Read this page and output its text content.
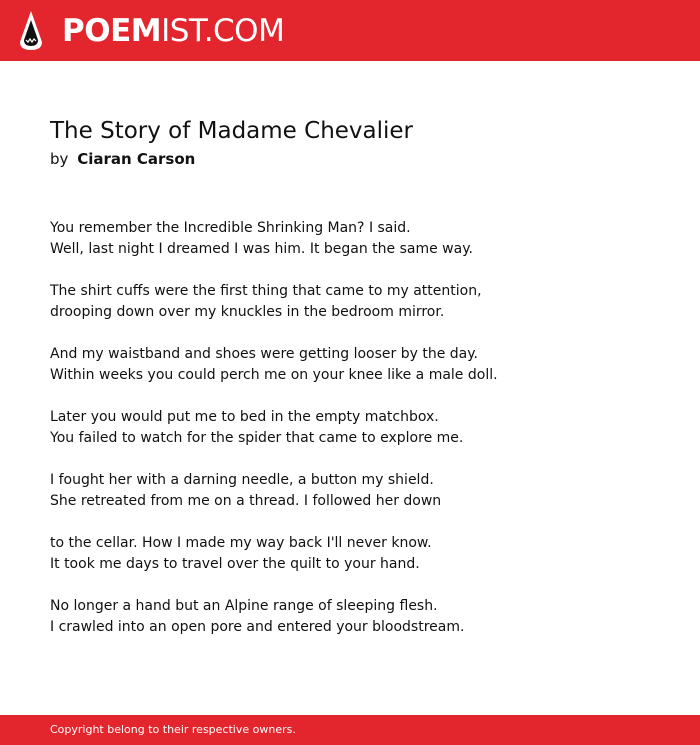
POEMIST.COM
The Story of Madame Chevalier
by Ciaran Carson
You remember the Incredible Shrinking Man? I said.
Well, last night I dreamed I was him. It began the same way.
The shirt cuffs were the first thing that came to my attention,
drooping down over my knuckles in the bedroom mirror.
And my waistband and shoes were getting looser by the day.
Within weeks you could perch me on your knee like a male doll.
Later you would put me to bed in the empty matchbox.
You failed to watch for the spider that came to explore me.
I fought her with a darning needle, a button my shield.
She retreated from me on a thread. I followed her down
to the cellar. How I made my way back I'll never know.
It took me days to travel over the quilt to your hand.
No longer a hand but an Alpine range of sleeping flesh.
I crawled into an open pore and entered your bloodstream.
Copyright belong to their respective owners.
